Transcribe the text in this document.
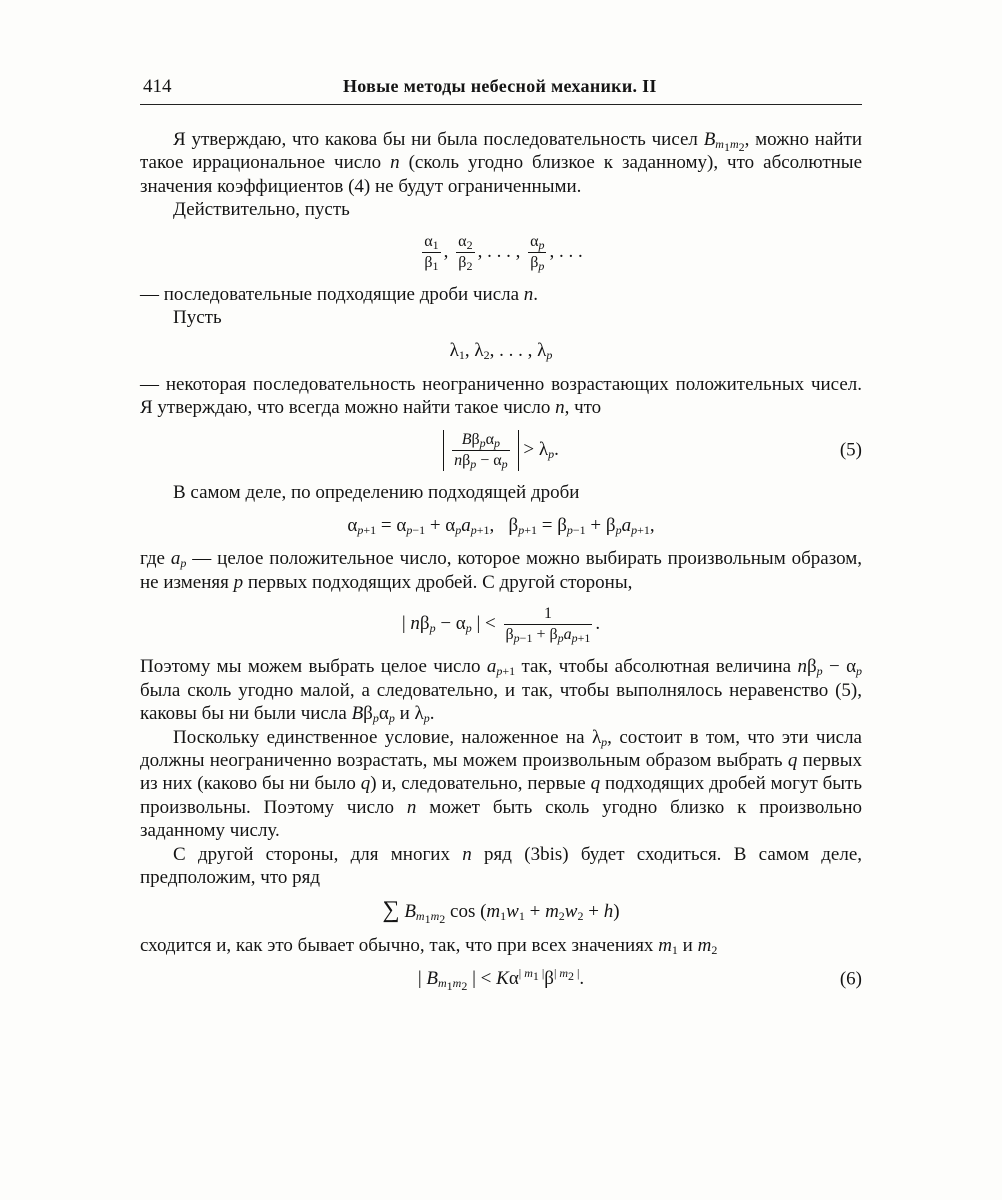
414	Новые методы небесной механики. II

Я утверждаю, что какова бы ни была последовательность чисел $B_{m_1m_2}$, можно найти такое иррациональное число n (сколь угодно близкое к заданному), что абсолютные значения коэффициентов (4) не будут ограниченными.

Действительно, пусть

$\frac{\alpha_1}{\beta_1}$ , $\frac{\alpha_2}{\beta_2}$ , . . . , $\frac{\alpha_p}{\beta_p}$ , . . .

— последовательные подходящие дроби числа n.

Пусть

$\lambda_1$, $\lambda_2$, . . . , $\lambda_p$

— некоторая последовательность неограниченно возрастающих положительных чисел. Я утверждаю, что всегда можно найти такое число n, что

$\frac{B\beta_p\alpha_p}{n\beta_p - \alpha_p} > \lambda_p$.	(5)

В самом деле, по определению подходящей дроби

$\alpha_{p+1} = \alpha_{p-1} + \alpha_pa_{p+1}$,   $\beta_{p+1} = \beta_{p-1} + \beta_pa_{p+1}$,

где $a_p$ — целое положительное число, которое можно выбирать произвольным образом, не изменяя p первых подходящих дробей. С другой стороны,

| $n\beta_p - \alpha_p$ | < $\frac{1}{\beta_{p-1} + \beta_pa_{p+1}}$ .

Поэтому мы можем выбрать целое число $a_{p+1}$ так, чтобы абсолютная величина $n\beta_p - \alpha_p$ была сколь угодно малой, а следовательно, и так, чтобы выполнялось неравенство (5), каковы бы ни были числа $B\beta_p\alpha_p$ и $\lambda_p$.

Поскольку единственное условие, наложенное на $\lambda_p$, состоит в том, что эти числа должны неограниченно возрастать, мы можем произвольным образом выбрать q первых из них (каково бы ни было q) и, следовательно, первые q подходящих дробей могут быть произвольны. Поэтому число n может быть сколь угодно близко к произвольно заданному числу.

С другой стороны, для многих n ряд (3bis) будет сходиться. В самом деле, предположим, что ряд

∑ $B_{m_1m_2}$ $\cos (m_1w_1 + m_2w_2 + h)$

сходится и, как это бывает обычно, так, что при всех значениях $m_1$ и $m_2$

| $B_{m_1m_2}$ | < $K\alpha^{| m_1 |}\beta^{| m_2 |}$.	(6)
